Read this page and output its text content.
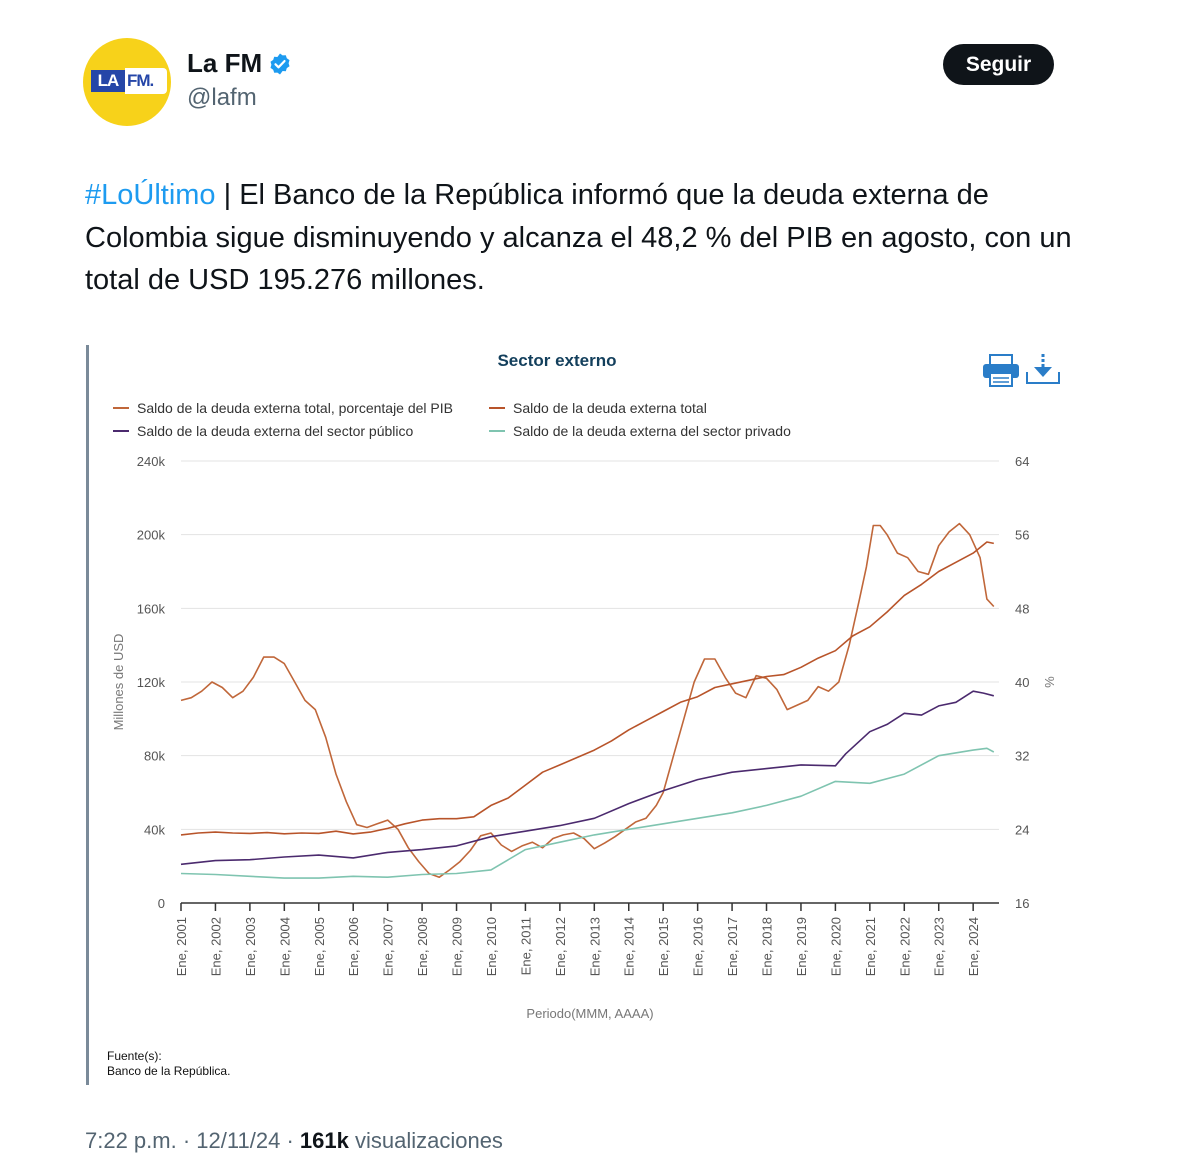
LA FM.
La FM
@lafm
Seguir
#LoÚltimo | El Banco de la República informó que la deuda externa de Colombia sigue disminuyendo y alcanza el 48,2 % del PIB en agosto, con un total de USD 195.276 millones.
Sector externo
Saldo de la deuda externa total, porcentaje del PIB	Saldo de la deuda externa total
Saldo de la deuda externa del sector público	Saldo de la deuda externa del sector privado
0
40k
80k
120k
160k
200k
240k
16
24
32
40
48
56
64
Ene, 2001 Ene, 2002 Ene, 2003 Ene, 2004 Ene, 2005 Ene, 2006 Ene, 2007 Ene, 2008 Ene, 2009 Ene, 2010 Ene, 2011 Ene, 2012 Ene, 2013 Ene, 2014 Ene, 2015 Ene, 2016 Ene, 2017 Ene, 2018 Ene, 2019 Ene, 2020 Ene, 2021 Ene, 2022 Ene, 2023 Ene, 2024
Periodo(MMM, AAAA)
Millones de USD	%
Fuente(s):
Banco de la República.
7:22 p.m. · 12/11/24 · 161k visualizaciones
